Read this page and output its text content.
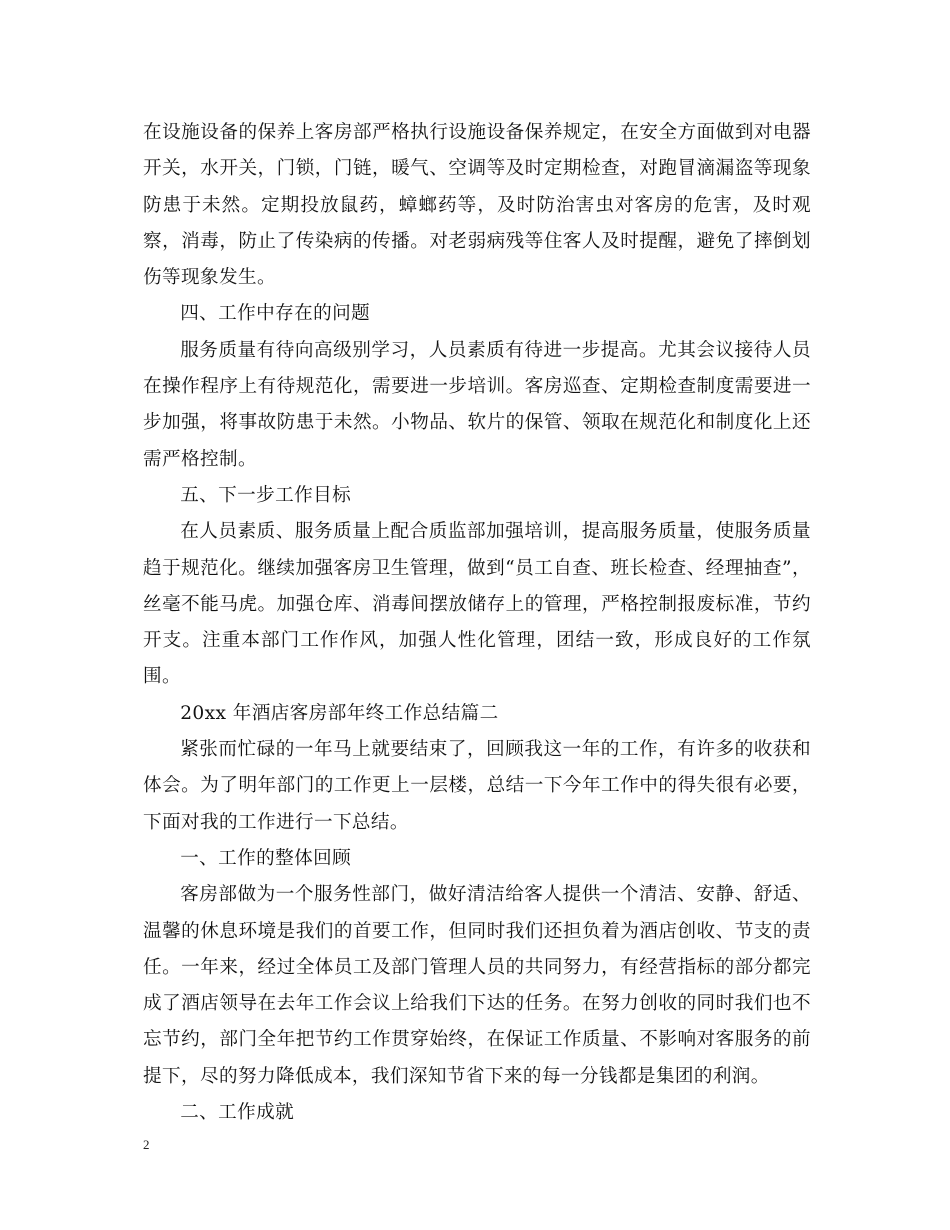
在设施设备的保养上客房部严格执行设施设备保养规定，在安全方面做到对电器开关，水开关，门锁，门链，暖气、空调等及时定期检查，对跑冒滴漏盗等现象防患于未然。定期投放鼠药，蟑螂药等，及时防治害虫对客房的危害，及时观察，消毒，防止了传染病的传播。对老弱病残等住客人及时提醒，避免了摔倒划伤等现象发生。

四、工作中存在的问题

服务质量有待向高级别学习，人员素质有待进一步提高。尤其会议接待人员在操作程序上有待规范化，需要进一步培训。客房巡查、定期检查制度需要进一步加强，将事故防患于未然。小物品、软片的保管、领取在规范化和制度化上还需严格控制。

五、下一步工作目标

在人员素质、服务质量上配合质监部加强培训，提高服务质量，使服务质量趋于规范化。继续加强客房卫生管理，做到“员工自查、班长检查、经理抽查”，丝毫不能马虎。加强仓库、消毒间摆放储存上的管理，严格控制报废标准，节约开支。注重本部门工作作风，加强人性化管理，团结一致，形成良好的工作氛围。

20xx 年酒店客房部年终工作总结篇二

紧张而忙碌的一年马上就要结束了，回顾我这一年的工作，有许多的收获和体会。为了明年部门的工作更上一层楼，总结一下今年工作中的得失很有必要，下面对我的工作进行一下总结。

一、工作的整体回顾

客房部做为一个服务性部门，做好清洁给客人提供一个清洁、安静、舒适、温馨的休息环境是我们的首要工作，但同时我们还担负着为酒店创收、节支的责任。一年来，经过全体员工及部门管理人员的共同努力，有经营指标的部分都完成了酒店领导在去年工作会议上给我们下达的任务。在努力创收的同时我们也不忘节约，部门全年把节约工作贯穿始终，在保证工作质量、不影响对客服务的前提下，尽的努力降低成本，我们深知节省下来的每一分钱都是集团的利润。

二、工作成就

2
